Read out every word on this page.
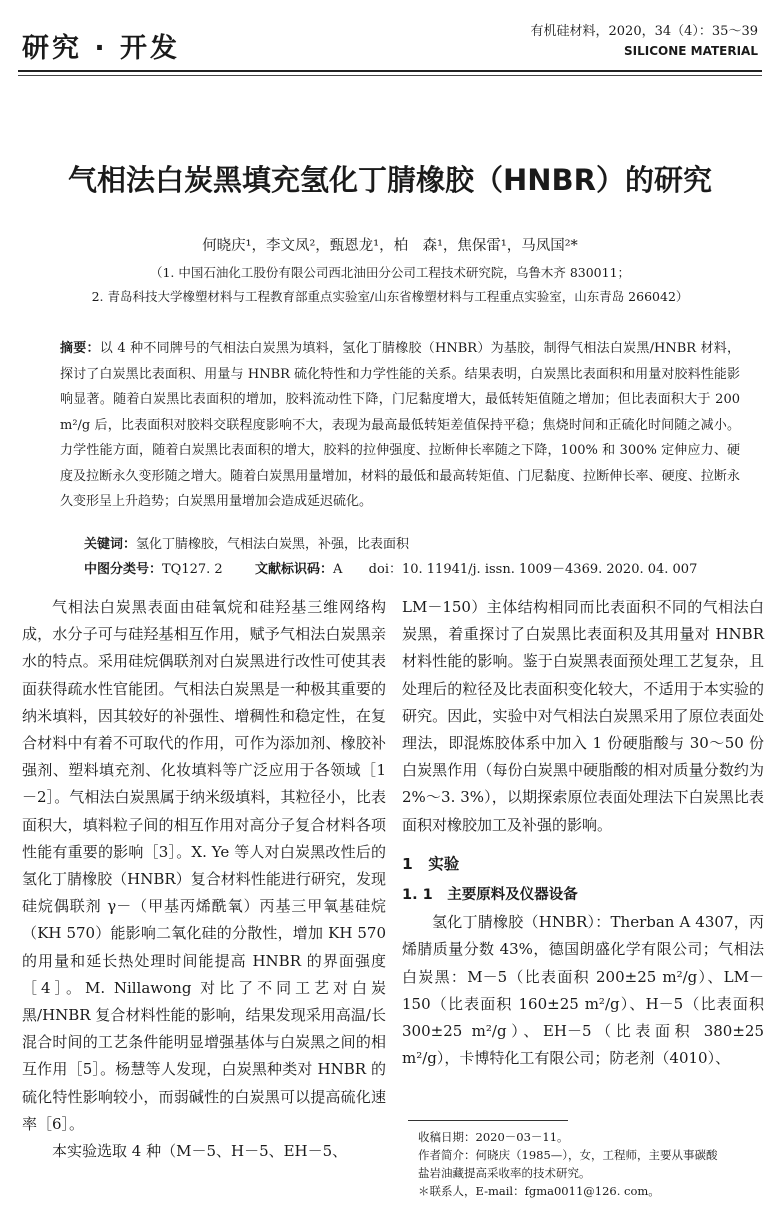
研究 · 开发
有机硅材料，2020，34（4）：35～39
SILICONE MATERIAL
气相法白炭黑填充氢化丁腈橡胶（HNBR）的研究
何晓庆¹，李文凤²，甄恩龙¹，柏　森¹，焦保雷¹，马凤国²*
（1. 中国石油化工股份有限公司西北油田分公司工程技术研究院，乌鲁木齐 830011；
2. 青岛科技大学橡塑材料与工程教育部重点实验室/山东省橡塑材料与工程重点实验室，山东青岛 266042）
摘要：以 4 种不同牌号的气相法白炭黑为填料，氢化丁腈橡胶（HNBR）为基胶，制得气相法白炭黑/HNBR 材料，探讨了白炭黑比表面积、用量与 HNBR 硫化特性和力学性能的关系。结果表明，白炭黑比表面积和用量对胶料性能影响显著。随着白炭黑比表面积的增加，胶料流动性下降，门尼黏度增大，最低转矩值随之增加；但比表面积大于 200 m²/g 后，比表面积对胶料交联程度影响不大，表现为最高最低转矩差值保持平稳；焦烧时间和正硫化时间随之减小。力学性能方面，随着白炭黑比表面积的增大，胶料的拉伸强度、拉断伸长率随之下降，100% 和 300% 定伸应力、硬度及拉断永久变形随之增大。随着白炭黑用量增加，材料的最低和最高转矩值、门尼黏度、拉断伸长率、硬度、拉断永久变形呈上升趋势；白炭黑用量增加会造成延迟硫化。
关键词：氢化丁腈橡胶，气相法白炭黑，补强，比表面积
中图分类号：TQ127. 2 文献标识码：A doi：10. 11941/j. issn. 1009－4369. 2020. 04. 007

气相法白炭黑表面由硅氧烷和硅羟基三维网络构成，水分子可与硅羟基相互作用，赋予气相法白炭黑亲水的特点。采用硅烷偶联剂对白炭黑进行改性可使其表面获得疏水性官能团。气相法白炭黑是一种极其重要的纳米填料，因其较好的补强性、增稠性和稳定性，在复合材料中有着不可取代的作用，可作为添加剂、橡胶补强剂、塑料填充剂、化妆填料等广泛应用于各领域［1－2］。气相法白炭黑属于纳米级填料，其粒径小，比表面积大，填料粒子间的相互作用对高分子复合材料各项性能有重要的影响［3］。X. Ye 等人对白炭黑改性后的氢化丁腈橡胶（HNBR）复合材料性能进行研究，发现硅烷偶联剂 γ－（甲基丙烯酰氧）丙基三甲氧基硅烷（KH 570）能影响二氧化硅的分散性，增加 KH 570 的用量和延长热处理时间能提高 HNBR 的界面强度［4］。M. Nillawong 对比了不同工艺对白炭黑/HNBR 复合材料性能的影响，结果发现采用高温/长混合时间的工艺条件能明显增强基体与白炭黑之间的相互作用［5］。杨慧等人发现，白炭黑种类对 HNBR 的硫化特性影响较小，而弱碱性的白炭黑可以提高硫化速率［6］。

本实验选取 4 种（M－5、H－5、EH－5、

LM－150）主体结构相同而比表面积不同的气相法白炭黑，着重探讨了白炭黑比表面积及其用量对 HNBR 材料性能的影响。鉴于白炭黑表面预处理工艺复杂，且处理后的粒径及比表面积变化较大，不适用于本实验的研究。因此，实验中对气相法白炭黑采用了原位表面处理法，即混炼胶体系中加入 1 份硬脂酸与 30～50 份白炭黑作用（每份白炭黑中硬脂酸的相对质量分数约为 2%～3. 3%），以期探索原位表面处理法下白炭黑比表面积对橡胶加工及补强的影响。

1　实验
1. 1　主要原料及仪器设备

氢化丁腈橡胶（HNBR）：Therban A 4307，丙烯腈质量分数 43%，德国朗盛化学有限公司；气相法白炭黑：M－5（比表面积 200±25 m²/g）、LM－150（比表面积 160±25 m²/g）、H－5（比表面积 300±25 m²/g）、EH－5（比表面积 380±25 m²/g），卡博特化工有限公司；防老剂（4010）、

收稿日期：2020－03－11。
作者简介：何晓庆（1985—），女，工程师，主要从事碳酸
盐岩油藏提高采收率的技术研究。
＊联系人，E-mail：fgma0011@126. com。
